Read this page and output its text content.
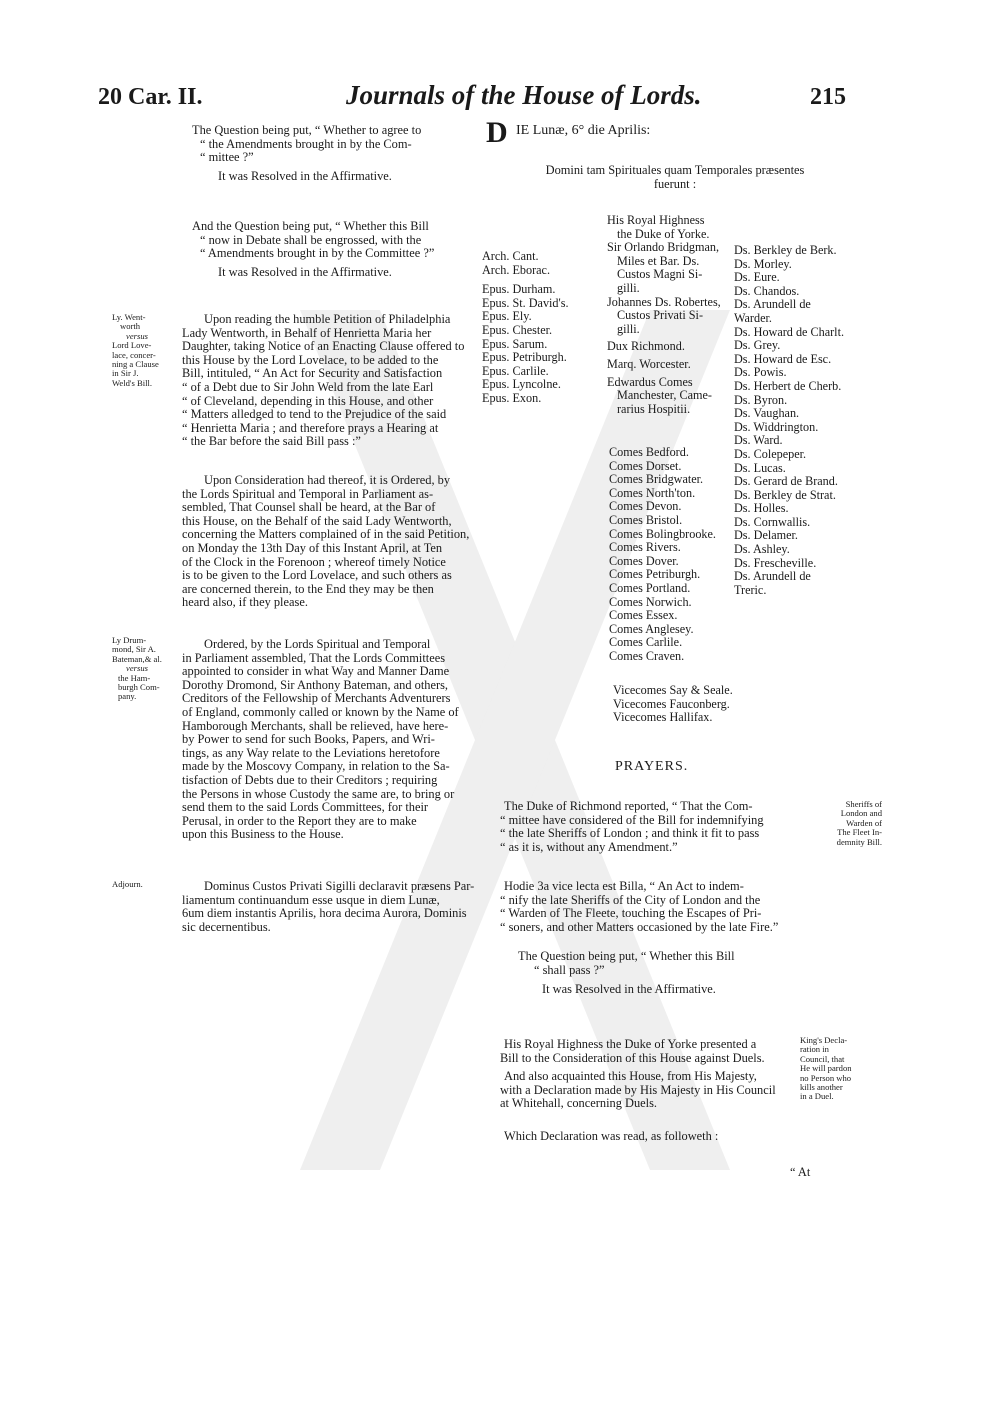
20 Car. II.	Journals of the House of Lords.	215

The Question being put, “ Whether to agree to

“ the Amendments brought in by the Com-

“ mittee ?”

It was Resolved in the Affirmative.

And the Question being put, “ Whether this Bill

“ now in Debate shall be engrossed, with the

“ Amendments brought in by the Committee ?”

It was Resolved in the Affirmative.

Ly. Went-
worth
versus
Lord Love-
lace, concer-
ning a Clause
in Sir J.
Weld's Bill.

Upon reading the humble Petition of Philadelphia

Lady Wentworth, in Behalf of Henrietta Maria her

Daughter, taking Notice of an Enacting Clause offered to

this House by the Lord Lovelace, to be added to the

Bill, intituled, “ An Act for Security and Satisfaction

“ of a Debt due to Sir John Weld from the late Earl

“ of Cleveland, depending in this House, and other

“ Matters alledged to tend to the Prejudice of the said

“ Henrietta Maria ; and therefore prays a Hearing at

“ the Bar before the said Bill pass :”

Upon Consideration had thereof, it is Ordered, by

the Lords Spiritual and Temporal in Parliament as-

sembled, That Counsel shall be heard, at the Bar of

this House, on the Behalf of the said Lady Wentworth,

concerning the Matters complained of in the said Petition,

on Monday the 13th Day of this Instant April, at Ten

of the Clock in the Forenoon ; whereof timely Notice

is to be given to the Lord Lovelace, and such others as

are concerned therein, to the End they may be then

heard also, if they please.

Ly Drum-
mond, Sir A.
Bateman,& al.
versus
the Ham-
burgh Com-
pany.

Ordered, by the Lords Spiritual and Temporal

in Parliament assembled, That the Lords Committees

appointed to consider in what Way and Manner Dame

Dorothy Dromond, Sir Anthony Bateman, and others,

Creditors of the Fellowship of Merchants Adventurers

of England, commonly called or known by the Name of

Hamborough Merchants, shall be relieved, have here-

by Power to send for such Books, Papers, and Wri-

tings, as any Way relate to the Leviations heretofore

made by the Moscovy Company, in relation to the Sa-

tisfaction of Debts due to their Creditors ; requiring

the Persons in whose Custody the same are, to bring or

send them to the said Lords Committees, for their

Perusal, in order to the Report they are to make

upon this Business to the House.

Adjourn.	Dominus Custos Privati Sigilli declaravit præsens Par-

liamentum continuandum esse usque in diem Lunæ,

6um diem instantis Aprilis, hora decima Aurora, Dominis

sic decernentibus.

D IE Lunæ, 6° die Aprilis:

Domini tam Spirituales quam Temporales præsentes

fuerunt :

Arch. Cant.
Arch. Eborac.
Epus. Durham.
Epus. St. David's.
Epus. Ely.
Epus. Chester.
Epus. Sarum.
Epus. Petriburgh.
Epus. Carlile.
Epus. Lyncolne.
Epus. Exon.
His Royal Highness
the Duke of Yorke.
Sir Orlando Bridgman,
Miles et Bar. Ds.
Custos Magni Si-
gilli.
Johannes Ds. Robertes,
Custos Privati Si-
gilli.
Dux Richmond.
Marq. Worcester.
Edwardus Comes
Manchester, Came-
rarius Hospitii.
Comes Bedford.
Comes Dorset.
Comes Bridgwater.
Comes North'ton.
Comes Devon.
Comes Bristol.
Comes Bolingbrooke.
Comes Rivers.
Comes Dover.
Comes Petriburgh.
Comes Portland.
Comes Norwich.
Comes Essex.
Comes Anglesey.
Comes Carlile.
Comes Craven.
Vicecomes Say & Seale.
Vicecomes Fauconberg.
Vicecomes Hallifax.
Ds. Berkley de Berk.
Ds. Morley.
Ds. Eure.
Ds. Chandos.
Ds. Arundell de
Warder.
Ds. Howard de Charlt.
Ds. Grey.
Ds. Howard de Esc.
Ds. Powis.
Ds. Herbert de Cherb.
Ds. Byron.
Ds. Vaughan.
Ds. Widdrington.
Ds. Ward.
Ds. Colepeper.
Ds. Lucas.
Ds. Gerard de Brand.
Ds. Berkley de Strat.
Ds. Holles.
Ds. Cornwallis.
Ds. Delamer.
Ds. Ashley.
Ds. Frescheville.
Ds. Arundell de
Treric.
PRAYERS.

The Duke of Richmond reported, “ That the Com-

“ mittee have considered of the Bill for indemnifying

“ the late Sheriffs of London ; and think it fit to pass

“ as it is, without any Amendment.”

Sheriffs of
London and
Warden of
The Fleet In-
demnity Bill.

Hodie 3a vice lecta est Billa, “ An Act to indem-

“ nify the late Sheriffs of the City of London and the

“ Warden of The Fleete, touching the Escapes of Pri-

“ soners, and other Matters occasioned by the late Fire.”

The Question being put, “ Whether this Bill

“ shall pass ?”

It was Resolved in the Affirmative.

His Royal Highness the Duke of Yorke presented a

Bill to the Consideration of this House against Duels.

And also acquainted this House, from His Majesty,

with a Declaration made by His Majesty in His Council

at Whitehall, concerning Duels.

King's Decla-
ration in
Council, that
He will pardon
no Person who
kills another
in a Duel.
Which Declaration was read, as followeth :
“ At
